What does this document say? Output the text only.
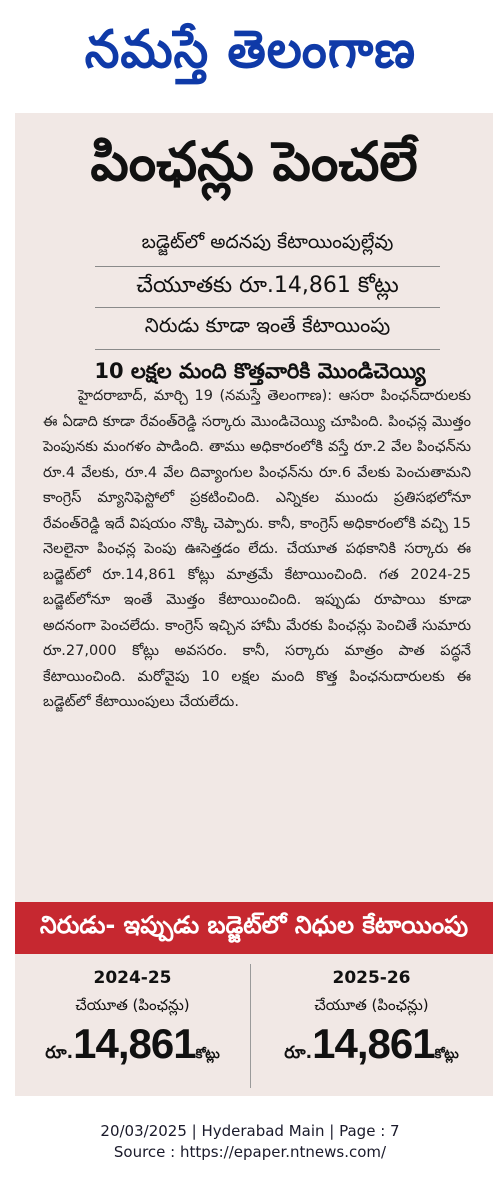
నమస్తే తెలంగాణ
పింఛన్లు పెంచలే
బడ్జెట్‌లో అదనపు కేటాయింపుల్లేవు
చేయూతకు రూ.14,861 కోట్లు
నిరుడు కూడా ఇంతే కేటాయింపు
10 లక్షల మంది కొత్తవారికి మొండిచెయ్యి

హైదరాబాద్, మార్చి 19 (నమస్తే తెలంగాణ): ఆసరా పింఛన్‌దారులకు ఈ ఏడాది కూడా రేవంత్‌రెడ్డి సర్కారు మొండిచెయ్యి చూపింది. పింఛన్ల మొత్తం పెంపునకు మంగళం పాడింది. తాము అధికారంలోకి వస్తే రూ.2 వేల పింఛన్‌ను రూ.4 వేలకు, రూ.4 వేల దివ్యాంగుల పింఛన్‌ను రూ.6 వేలకు పెంచుతామని కాంగ్రెస్ మ్యానిఫెస్టోలో ప్రకటించింది. ఎన్నికల ముందు ప్రతిసభలోనూ రేవంత్‌రెడ్డి ఇదే విషయం నొక్కి చెప్పారు. కానీ, కాంగ్రెస్ అధికారంలోకి వచ్చి 15 నెలలైనా పింఛన్ల పెంపు ఊసెత్తడం లేదు. చేయూత పథకానికి సర్కారు ఈ బడ్జెట్‌లో రూ.14,861 కోట్లు మాత్రమే కేటాయించింది. గత 2024-25 బడ్జెట్‌లోనూ ఇంతే మొత్తం కేటాయించింది. ఇప్పుడు రూపాయి కూడా అదనంగా పెంచలేదు. కాంగ్రెస్ ఇచ్చిన హామీ మేరకు పింఛన్లు పెంచితే సుమారు రూ.27,000 కోట్లు అవసరం. కానీ, సర్కారు మాత్రం పాత పద్ధనే కేటాయించింది. మరోవైపు 10 లక్షల మంది కొత్త పింఛనుదారులకు ఈ బడ్జెట్‌లో కేటాయింపులు చేయలేదు.

నిరుడు- ఇప్పుడు బడ్జెట్‌లో నిధుల కేటాయింపు
2024-25
చేయూత (పింఛన్లు)
రూ.14,861కోట్లు
2025-26
చేయూత (పింఛన్లు)
రూ.14,861కోట్లు
20/03/2025 | Hyderabad Main | Page : 7
Source : https://epaper.ntnews.com/
